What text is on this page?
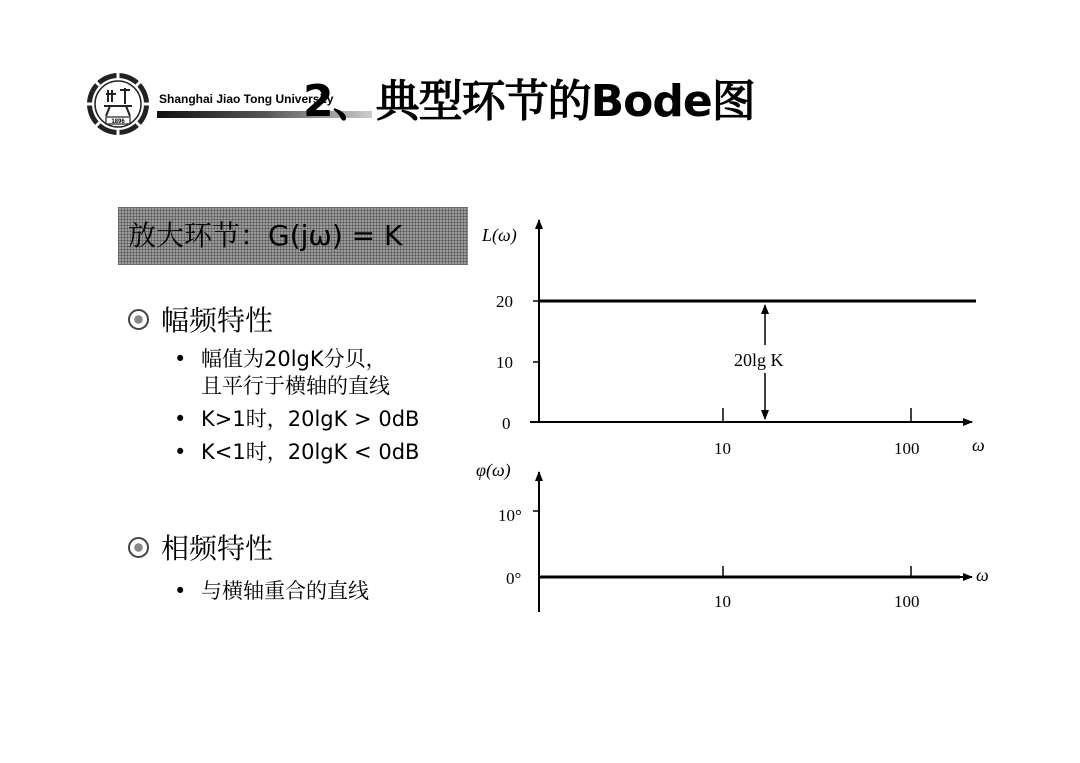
1896
Shanghai Jiao Tong University
2、典型环节的Bode图
放大环节：G(jω) = K
幅频特性
• 幅值为20lgK分贝，
且平行于横轴的直线
• K>1时，20lgK > 0dB
• K<1时，20lgK < 0dB
相频特性
• 与横轴重合的直线
L(ω)
20
10
0
10	100	ω
20lg K
φ(ω)
10°
0°
10	100
ω
